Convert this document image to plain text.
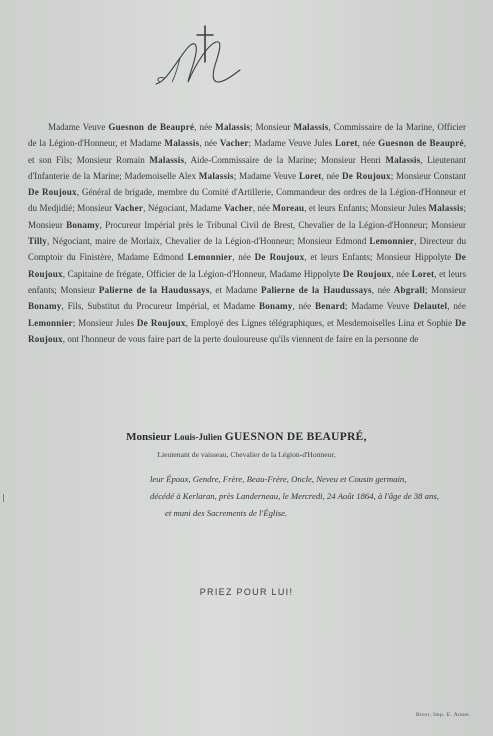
Madame Veuve Guesnon de Beaupré, née Malassis; Monsieur Malassis, Commissaire de la Marine, Officier de la Légion-d'Honneur, et Madame Malassis, née Vacher; Madame Veuve Jules Loret, née Guesnon de Beaupré, et son Fils; Monsieur Romain Malassis, Aide-Commissaire de la Marine; Monsieur Henri Malassis, Lieutenant d'Infanterie de la Marine; Mademoiselle Alex Malassis; Madame Veuve Loret, née De Roujoux; Monsieur Constant De Roujoux, Général de brigade, membre du Comité d'Artillerie, Commandeur des ordres de la Légion-d'Honneur et du Medjidié; Monsieur Vacher, Négociant, Madame Vacher, née Moreau, et leurs Enfants; Monsieur Jules Malassis; Monsieur Bonamy, Procureur Impérial près le Tribunal Civil de Brest, Chevalier de la Légion-d'Honneur; Monsieur Tilly, Négociant, maire de Morlaix, Chevalier de la Légion-d'Honneur; Monsieur Edmond Lemonnier, Directeur du Comptoir du Finistère, Madame Edmond Lemonnier, née De Roujoux, et leurs Enfants; Monsieur Hippolyte De Roujoux, Capitaine de frégate, Officier de la Légion-d'Honneur, Madame Hippolyte De Roujoux, née Loret, et leurs enfants; Monsieur Palierne de la Haudussays, et Madame Palierne de la Haudussays, née Abgrall; Monsieur Bonamy, Fils, Substitut du Procureur Impérial, et Madame Bonamy, née Benard; Madame Veuve Delautel, née Lemonnier; Monsieur Jules De Roujoux, Employé des Lignes télégraphiques, et Mesdemoiselles Lina et Sophie De Roujoux, ont l'honneur de vous faire part de la perte douloureuse qu'ils viennent de faire en la personne de
Monsieur Louis-Julien GUESNON DE BEAUPRÉ,
Lieutenant de vaisseau, Chevalier de la Légion-d'Honneur,
leur Époux, Gendre, Frère, Beau-Frère, Oncle, Neveu et Cousin germain,
décédé à Kerlaran, près Landerneau, le Mercredi, 24 Août 1864, à l'âge de 38 ans,
et muni des Sacrements de l'Église.
PRIEZ POUR LUI!
Brest, Imp. E. Anner.
